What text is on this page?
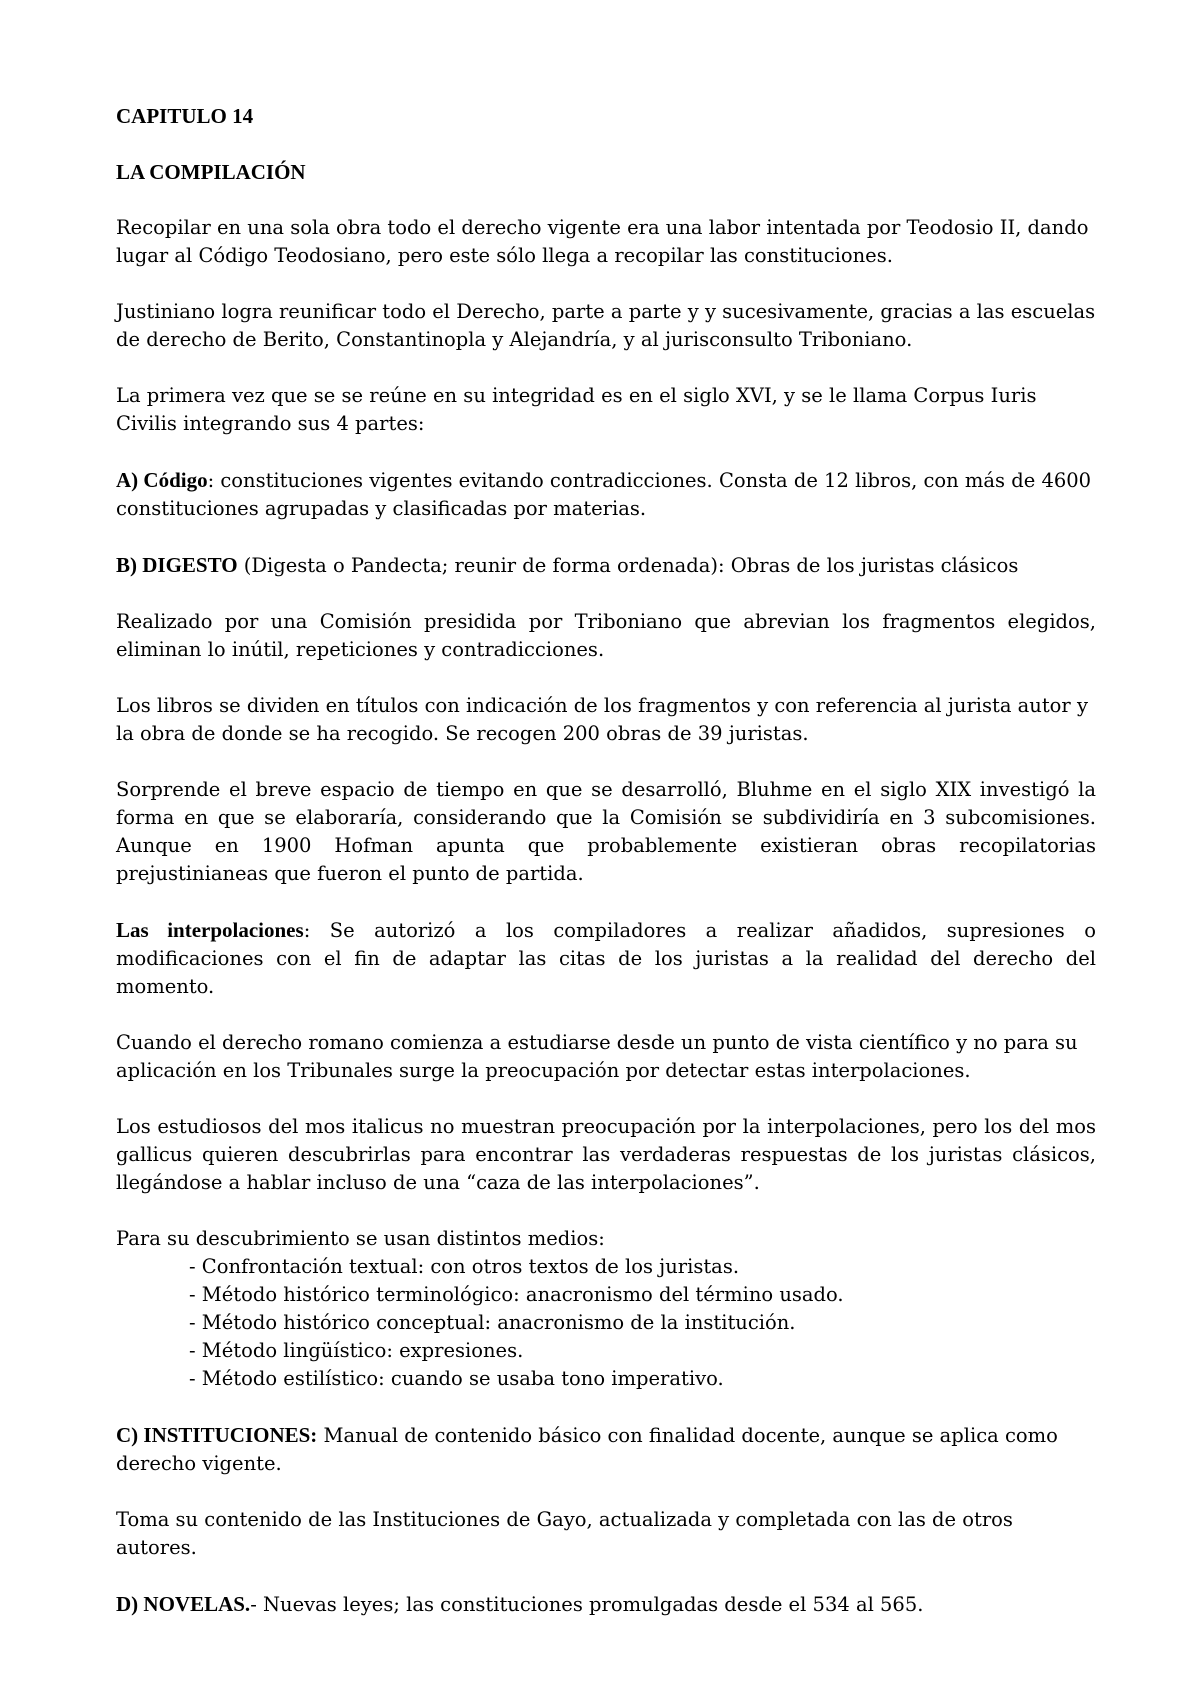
CAPITULO 14
LA COMPILACIÓN

Recopilar en una sola obra todo el derecho vigente era una labor intentada por Teodosio II, dando lugar al Código Teodosiano, pero este sólo llega a recopilar las constituciones.

Justiniano logra reunificar todo el Derecho, parte a parte y y sucesivamente, gracias a las escuelas de derecho de Berito, Constantinopla y Alejandría, y al jurisconsulto Triboniano.

La primera vez que se se reúne en su integridad es en el siglo XVI, y se le llama Corpus Iuris Civilis integrando sus 4 partes:

A) Código: constituciones vigentes evitando contradicciones. Consta de 12 libros, con más de 4600 constituciones agrupadas y clasificadas por materias.

B) DIGESTO (Digesta o Pandecta; reunir de forma ordenada): Obras de los juristas clásicos

Realizado por una Comisión presidida por Triboniano que abrevian los fragmentos elegidos, eliminan lo inútil, repeticiones y contradicciones.

Los libros se dividen en títulos con indicación de los fragmentos y con referencia al jurista autor y la obra de donde se ha recogido. Se recogen 200 obras de 39 juristas.

Sorprende el breve espacio de tiempo en que se desarrolló, Bluhme en el siglo XIX investigó la forma en que se elaboraría, considerando que la Comisión se subdividiría en 3 subcomisiones. Aunque en 1900 Hofman apunta que probablemente existieran obras recopilatorias prejustinianeas que fueron el punto de partida.

Las interpolaciones: Se autorizó a los compiladores a realizar añadidos, supresiones o modificaciones con el fin de adaptar las citas de los juristas a la realidad del derecho del momento.

Cuando el derecho romano comienza a estudiarse desde un punto de vista científico y no para su aplicación en los Tribunales surge la preocupación por detectar estas interpolaciones.

Los estudiosos del mos italicus no muestran preocupación por la interpolaciones, pero los del mos gallicus quieren descubrirlas para encontrar las verdaderas respuestas de los juristas clásicos, llegándose a hablar incluso de una “caza de las interpolaciones”.

Para su descubrimiento se usan distintos medios:
- Confrontación textual: con otros textos de los juristas.
- Método histórico terminológico: anacronismo del término usado.
- Método histórico conceptual: anacronismo de la institución.
- Método lingüístico: expresiones.
- Método estilístico: cuando se usaba tono imperativo.

C) INSTITUCIONES: Manual de contenido básico con finalidad docente, aunque se aplica como derecho vigente.

Toma su contenido de las Instituciones de Gayo, actualizada y completada con las de otros autores.

D) NOVELAS.- Nuevas leyes; las constituciones promulgadas desde el 534 al 565.
